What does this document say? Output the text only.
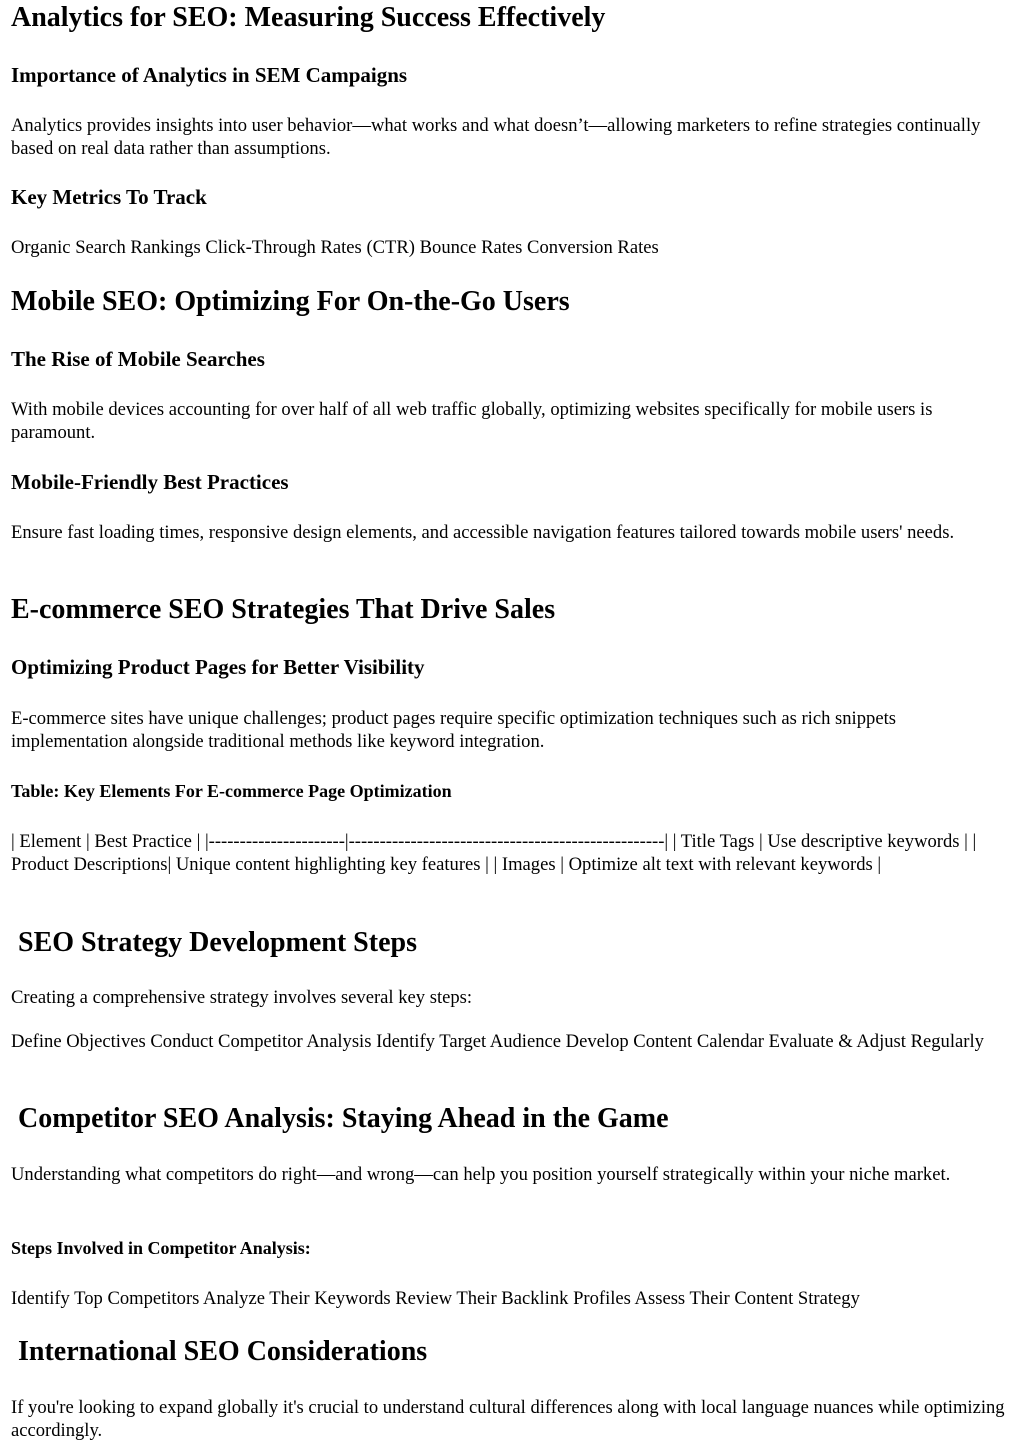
Analytics for SEO: Measuring Success Effectively
Importance of Analytics in SEM Campaigns

Analytics provides insights into user behavior—what works and what doesn’t—allowing marketers to refine strategies continually based on real data rather than assumptions.

Key Metrics To Track

Organic Search Rankings Click-Through Rates (CTR) Bounce Rates Conversion Rates

Mobile SEO: Optimizing For On-the-Go Users
The Rise of Mobile Searches

With mobile devices accounting for over half of all web traffic globally, optimizing websites specifically for mobile users is paramount.

Mobile-Friendly Best Practices

Ensure fast loading times, responsive design elements, and accessible navigation features tailored towards mobile users' needs.

E-commerce SEO Strategies That Drive Sales
Optimizing Product Pages for Better Visibility

E-commerce sites have unique challenges; product pages require specific optimization techniques such as rich snippets implementation alongside traditional methods like keyword integration.

Table: Key Elements For E-commerce Page Optimization

| Element | Best Practice | |----------------------|---------------------------------------------------| | Title Tags | Use descriptive keywords | | Product Descriptions| Unique content highlighting key features | | Images | Optimize alt text with relevant keywords |

SEO Strategy Development Steps

Creating a comprehensive strategy involves several key steps:

Define Objectives Conduct Competitor Analysis Identify Target Audience Develop Content Calendar Evaluate & Adjust Regularly

Competitor SEO Analysis: Staying Ahead in the Game

Understanding what competitors do right—and wrong—can help you position yourself strategically within your niche market.

Steps Involved in Competitor Analysis:

Identify Top Competitors Analyze Their Keywords Review Their Backlink Profiles Assess Their Content Strategy

International SEO Considerations

If you're looking to expand globally it's crucial to understand cultural differences along with local language nuances while optimizing accordingly.
